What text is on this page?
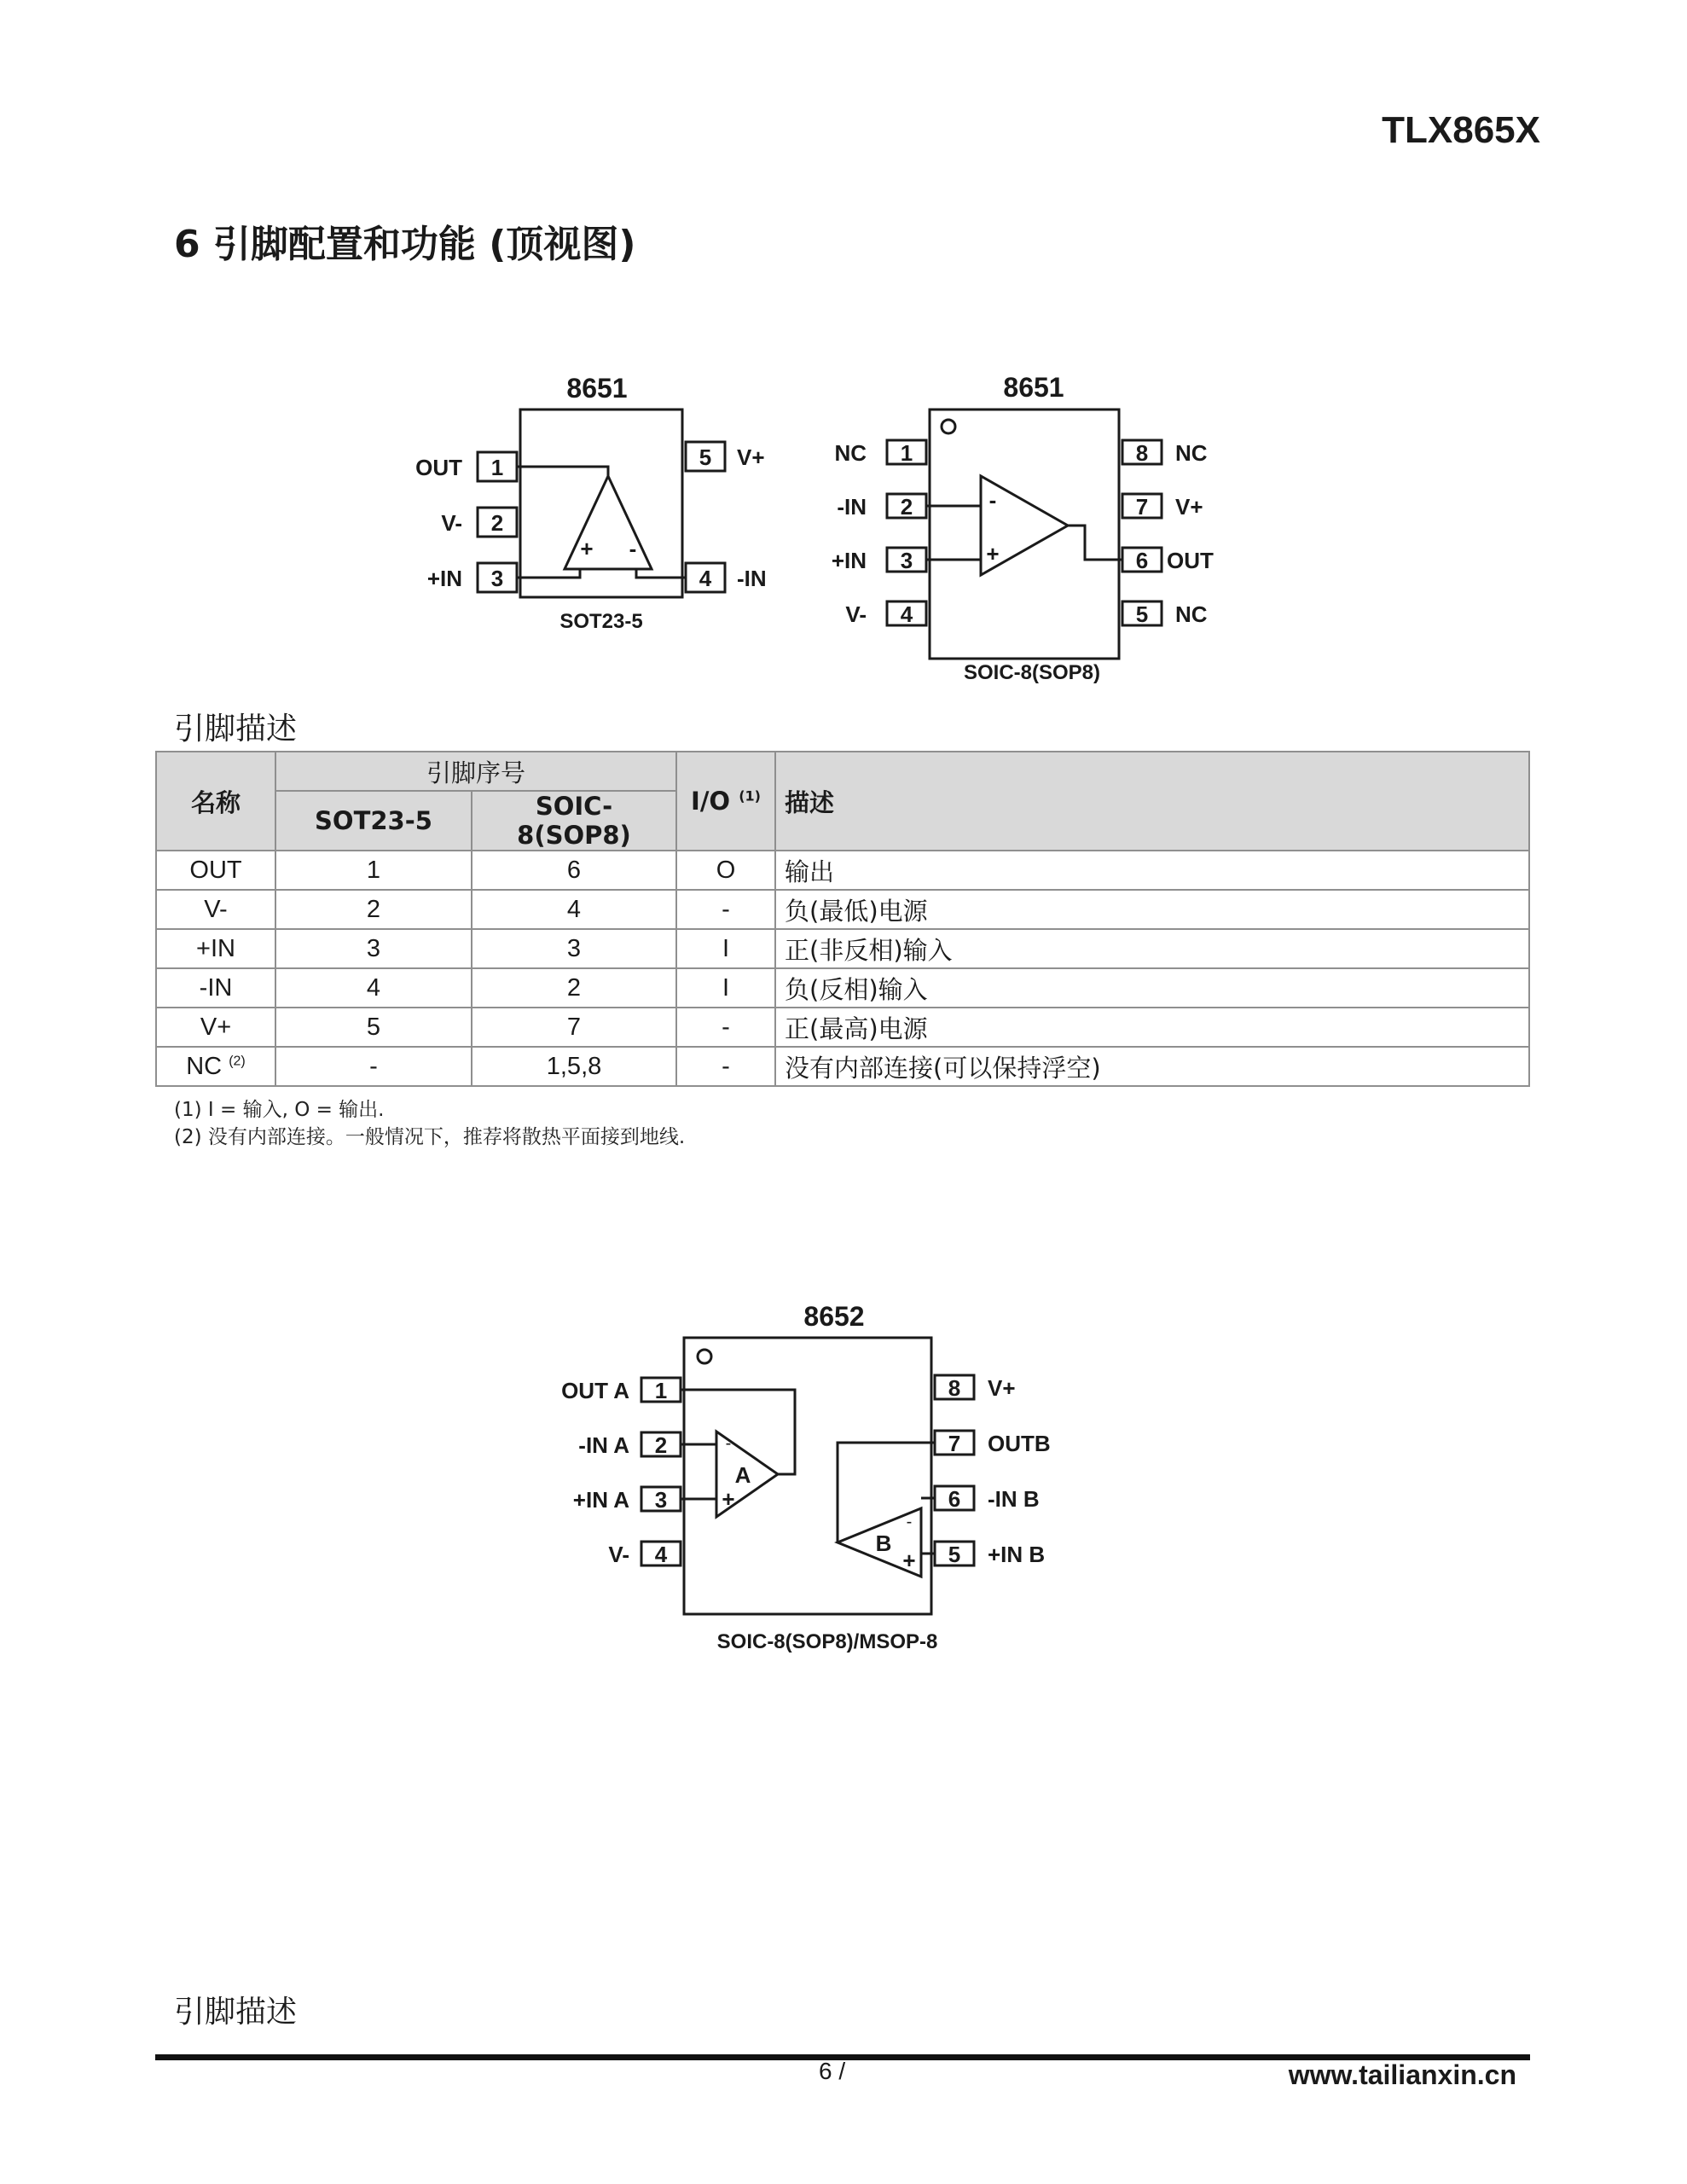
TLX865X
6 引脚配置和功能 (顶视图)
+ -
8651
1
2
3	4
5
OUT
V-
+IN	-IN
V+
SOT23-5
-
+
8651
1
2
3
4	5
6
7
8
NC
-IN
+IN
V-	NC
OUT
V+
NC
SOIC-8(SOP8)
引脚描述
名称	引脚序号		I/O $^{(1)}$	描述
	SOT23-5	SOIC-8(SOP8)		
OUT	1	6	O	输出
V-	2	4	-	负(最低)电源
+IN	3	3	I	正(非反相)输入
-IN	4	2	I	负(反相)输入
V+	5	7	-	正(最高)电源
NC $^{(2)}$	-	1,5,8	-	没有内部连接(可以保持浮空)
(1) I = 输入, O = 输出.
(2) 没有内部连接。一般情况下，推荐将散热平面接到地线.
-
+
-
+
A
B
8652
1
2
3
4	5
6
7
8
OUT A
-IN A
+IN A
V-	+IN B
-IN B
OUTB
V+
SOIC-8(SOP8)/MSOP-8
引脚描述
6 /	www.tailianxin.cn
